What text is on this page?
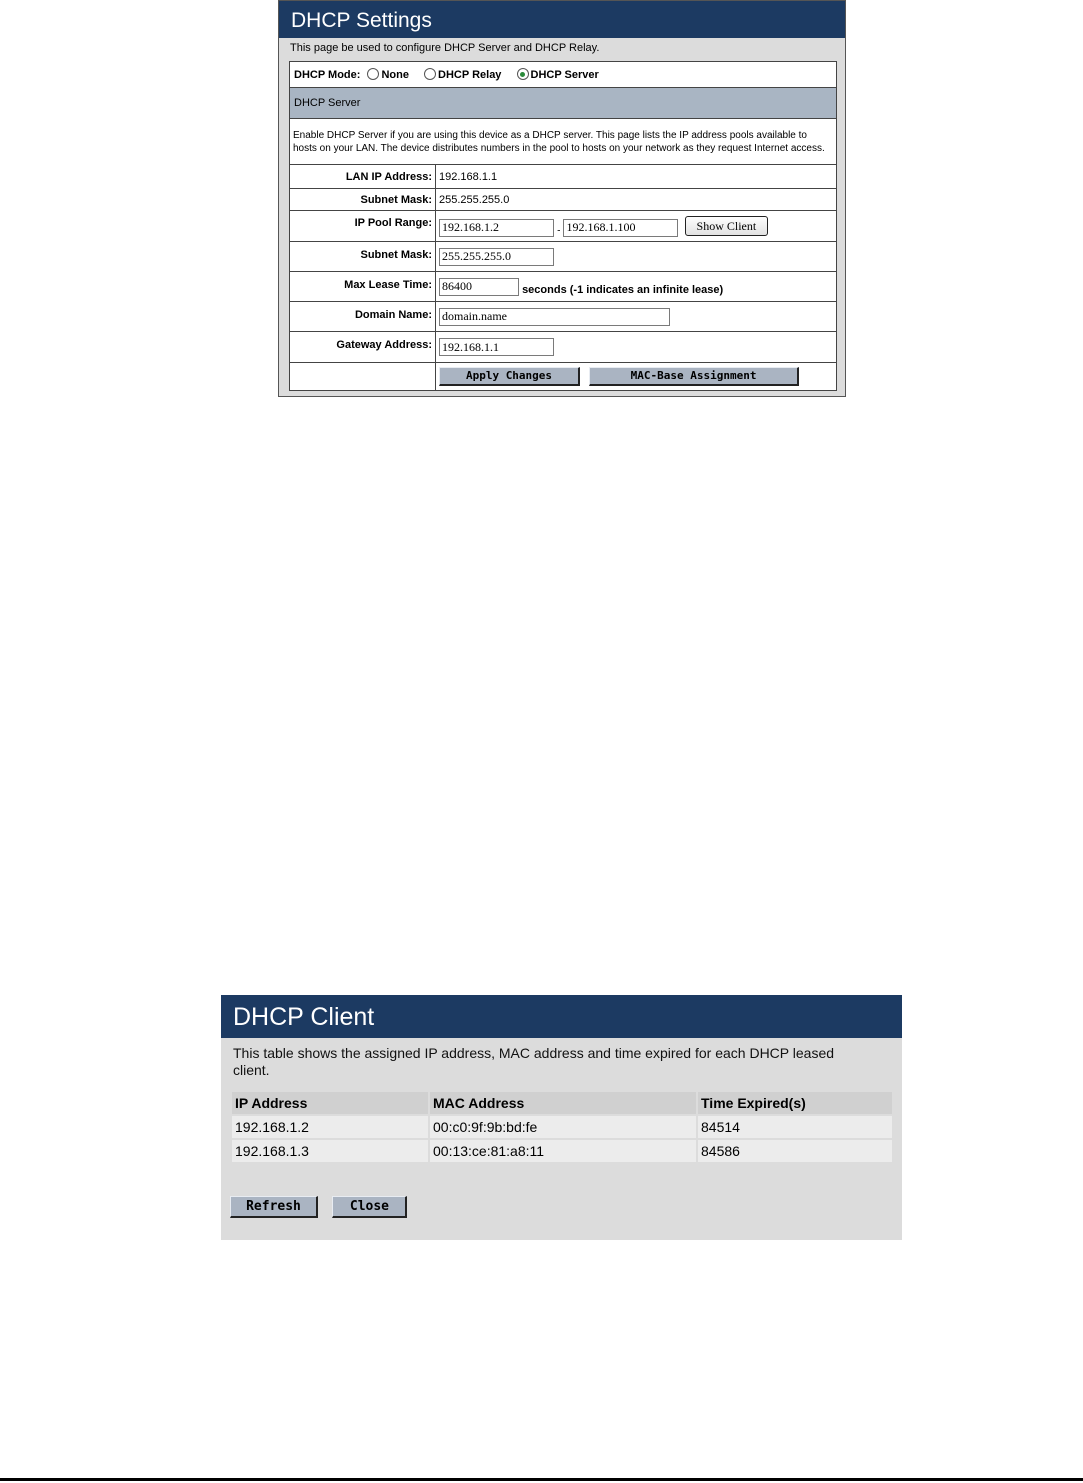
DHCP Settings
This page be used to configure DHCP Server and DHCP Relay.
DHCP Mode: None DHCP Relay DHCP Server	
DHCP Server	
Enable DHCP Server if you are using this device as a DHCP server. This page lists the IP address pools available to hosts on your LAN. The device distributes numbers in the pool to hosts on your network as they request Internet access.	
LAN IP Address:	192.168.1.1
Subnet Mask:	255.255.255.0
IP Pool Range:	192.168.1.2 - 192.168.1.100 Show Client
Subnet Mask:	255.255.255.0
Max Lease Time:	86400seconds (-1 indicates an infinite lease)
Domain Name:	domain.name
Gateway Address:	192.168.1.1
	Apply Changes MAC-Base Assignment
DHCP Client
This table shows the assigned IP address, MAC address and time expired for each DHCP leased client.
IP Address	MAC Address	Time Expired(s)
192.168.1.2	00:c0:9f:9b:bd:fe	84514
192.168.1.3	00:13:ce:81:a8:11	84586
Refresh	Close
